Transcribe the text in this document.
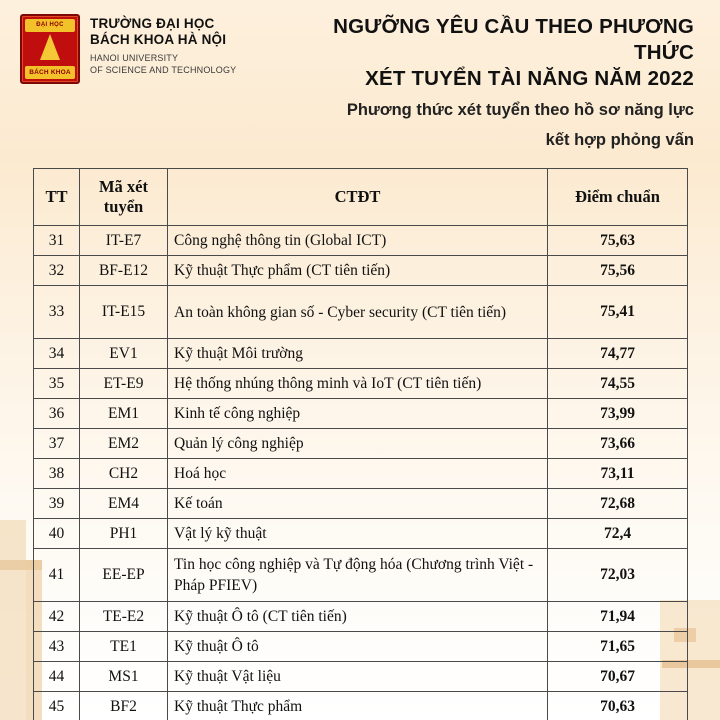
ĐẠI HỌC
BÁCH KHOA
TRƯỜNG ĐẠI HỌC
BÁCH KHOA HÀ NỘI
HANOI UNIVERSITY
OF SCIENCE AND TECHNOLOGY
NGƯỠNG YÊU CẦU THEO PHƯƠNG THỨC
XÉT TUYỂN TÀI NĂNG NĂM 2022
Phương thức xét tuyển theo hồ sơ năng lực
kết hợp phỏng vấn
TT	Mã xét tuyển	CTĐT	Điểm chuẩn
31	IT-E7	Công nghệ thông tin (Global ICT)	75,63
32	BF-E12	Kỹ thuật Thực phẩm (CT tiên tiến)	75,56
33	IT-E15	An toàn không gian số - Cyber security (CT tiên tiến)	75,41
34	EV1	Kỹ thuật Môi trường	74,77
35	ET-E9	Hệ thống nhúng thông minh và IoT (CT tiên tiến)	74,55
36	EM1	Kinh tế công nghiệp	73,99
37	EM2	Quản lý công nghiệp	73,66
38	CH2	Hoá học	73,11
39	EM4	Kế toán	72,68
40	PH1	Vật lý kỹ thuật	72,4
41	EE-EP	Tin học công nghiệp và Tự động hóa (Chương trình Việt - Pháp PFIEV)	72,03
42	TE-E2	Kỹ thuật Ô tô (CT tiên tiến)	71,94
43	TE1	Kỹ thuật Ô tô	71,65
44	MS1	Kỹ thuật Vật liệu	70,67
45	BF2	Kỹ thuật Thực phẩm	70,63
